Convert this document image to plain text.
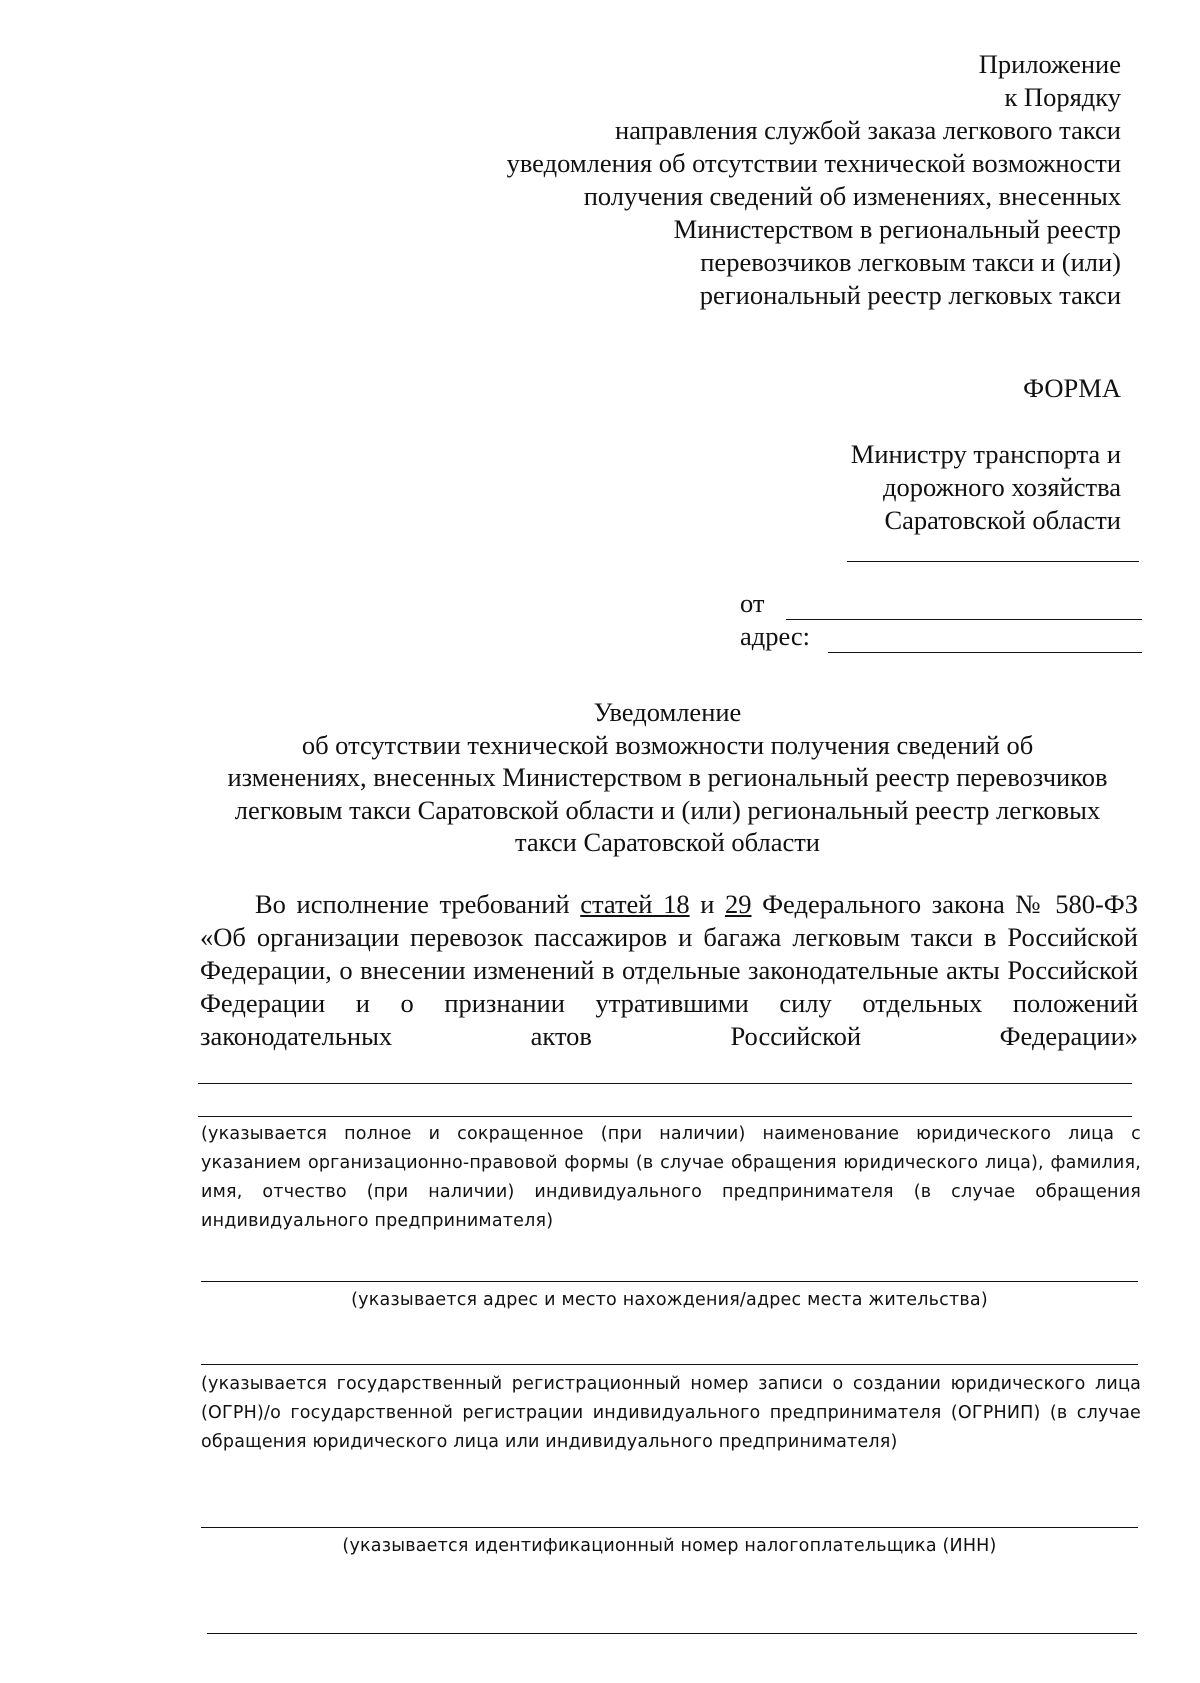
Приложение
к Порядку
направления службой заказа легкового такси
уведомления об отсутствии технической возможности
получения сведений об изменениях, внесенных
Министерством в региональный реестр
перевозчиков легковым такси и (или)
региональный реестр легковых такси
ФОРМА
Министру транспорта и
дорожного хозяйства
Саратовской области
от
адрес:
Уведомление
об отсутствии технической возможности получения сведений об
изменениях, внесенных Министерством в региональный реестр перевозчиков
легковым такси Саратовской области и (или) региональный реестр легковых
такси Саратовской области
Во исполнение требований статей 18 и 29 Федерального закона № 580-ФЗ «Об организации перевозок пассажиров и багажа легковым такси в Российской Федерации, о внесении изменений в отдельные законодательные акты Российской Федерации и о признании утратившими силу отдельных положений законодательных актов Российской Федерации»
(указывается полное и сокращенное (при наличии) наименование юридического лица с указанием организационно-правовой формы (в случае обращения юридического лица), фамилия, имя, отчество (при наличии) индивидуального предпринимателя (в случае обращения индивидуального предпринимателя)
(указывается адрес и место нахождения/адрес места жительства)
(указывается государственный регистрационный номер записи о создании юридического лица (ОГРН)/о государственной регистрации индивидуального предпринимателя (ОГРНИП) (в случае обращения юридического лица или индивидуального предпринимателя)
(указывается идентификационный номер налогоплательщика (ИНН)
